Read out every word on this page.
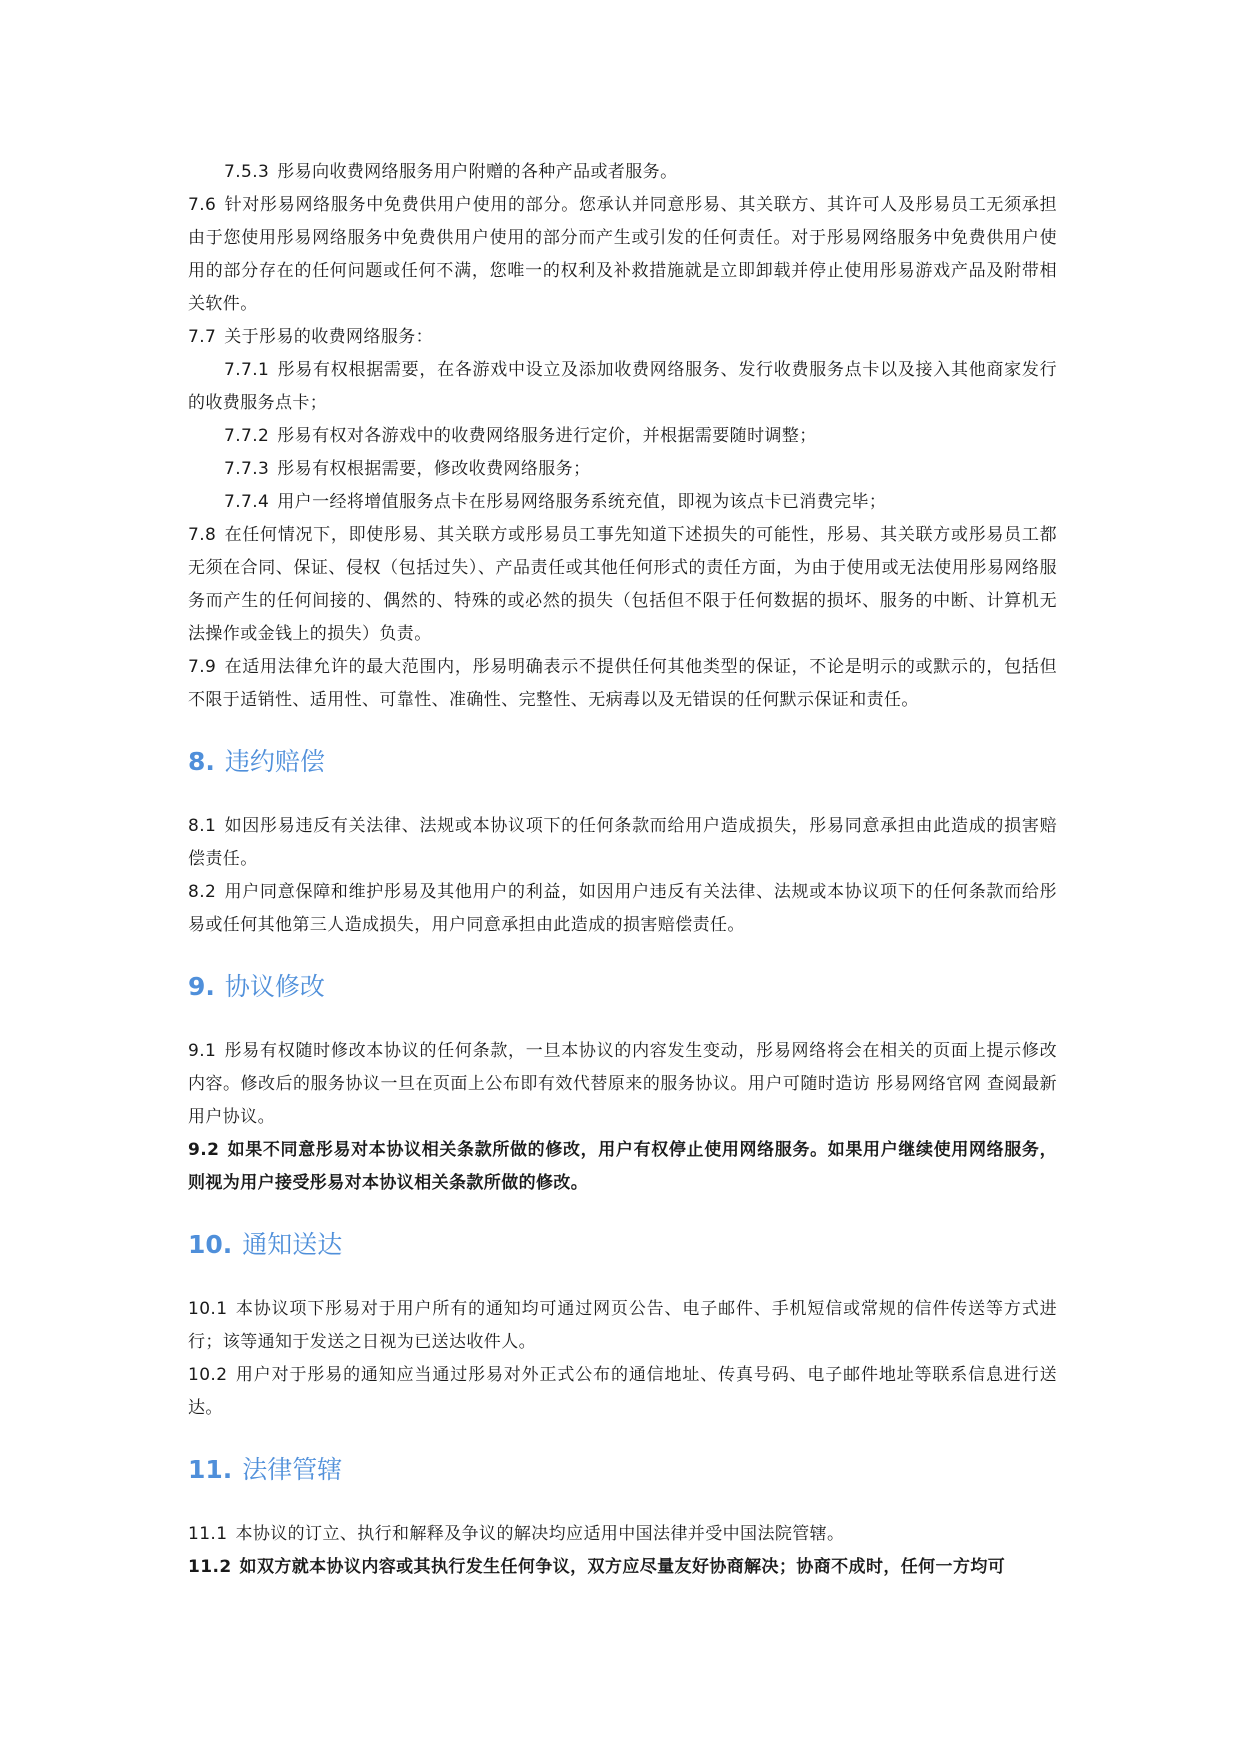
7.5.3 彤易向收费网络服务用户附赠的各种产品或者服务。

7.6 针对彤易网络服务中免费供用户使用的部分。您承认并同意彤易、其关联方、其许可人及彤易员工无须承担由于您使用彤易网络服务中免费供用户使用的部分而产生或引发的任何责任。对于彤易网络服务中免费供用户使用的部分存在的任何问题或任何不满，您唯一的权利及补救措施就是立即卸载并停止使用彤易游戏产品及附带相关软件。

7.7 关于彤易的收费网络服务：

7.7.1 彤易有权根据需要，在各游戏中设立及添加收费网络服务、发行收费服务点卡以及接入其他商家发行的收费服务点卡；

7.7.2 彤易有权对各游戏中的收费网络服务进行定价，并根据需要随时调整；

7.7.3 彤易有权根据需要，修改收费网络服务；

7.7.4 用户一经将增值服务点卡在彤易网络服务系统充值，即视为该点卡已消费完毕；

7.8 在任何情况下，即使彤易、其关联方或彤易员工事先知道下述损失的可能性，彤易、其关联方或彤易员工都无须在合同、保证、侵权（包括过失）、产品责任或其他任何形式的责任方面，为由于使用或无法使用彤易网络服务而产生的任何间接的、偶然的、特殊的或必然的损失（包括但不限于任何数据的损坏、服务的中断、计算机无法操作或金钱上的损失）负责。

7.9 在适用法律允许的最大范围内，彤易明确表示不提供任何其他类型的保证，不论是明示的或默示的，包括但不限于适销性、适用性、可靠性、准确性、完整性、无病毒以及无错误的任何默示保证和责任。

8. 违约赔偿

8.1 如因彤易违反有关法律、法规或本协议项下的任何条款而给用户造成损失，彤易同意承担由此造成的损害赔偿责任。

8.2 用户同意保障和维护彤易及其他用户的利益，如因用户违反有关法律、法规或本协议项下的任何条款而给彤易或任何其他第三人造成损失，用户同意承担由此造成的损害赔偿责任。

9. 协议修改

9.1 彤易有权随时修改本协议的任何条款，一旦本协议的内容发生变动，彤易网络将会在相关的页面上提示修改内容。修改后的服务协议一旦在页面上公布即有效代替原来的服务协议。用户可随时造访 彤易网络官网 查阅最新用户协议。

9.2 如果不同意彤易对本协议相关条款所做的修改，用户有权停止使用网络服务。如果用户继续使用网络服务，则视为用户接受彤易对本协议相关条款所做的修改。

10. 通知送达

10.1 本协议项下彤易对于用户所有的通知均可通过网页公告、电子邮件、手机短信或常规的信件传送等方式进行；该等通知于发送之日视为已送达收件人。

10.2 用户对于彤易的通知应当通过彤易对外正式公布的通信地址、传真号码、电子邮件地址等联系信息进行送达。

11. 法律管辖

11.1 本协议的订立、执行和解释及争议的解决均应适用中国法律并受中国法院管辖。

11.2 如双方就本协议内容或其执行发生任何争议，双方应尽量友好协商解决；协商不成时，任何一方均可
